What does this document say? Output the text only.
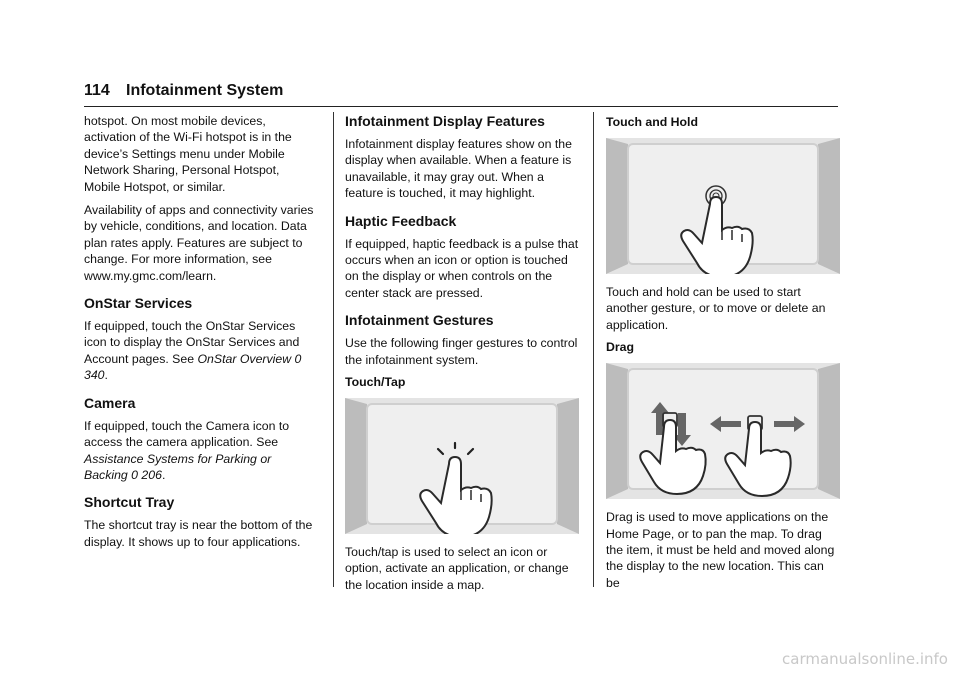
114 Infotainment System

hotspot. On most mobile devices, activation of the Wi-Fi hotspot is in the device’s Settings menu under Mobile Network Sharing, Personal Hotspot, Mobile Hotspot, or similar.

Availability of apps and connectivity varies by vehicle, conditions, and location. Data plan rates apply. Features are subject to change. For more information, see www.my.gmc.com/learn.

OnStar Services

If equipped, touch the OnStar Services icon to display the OnStar Services and Account pages. See OnStar Overview 0 340.

Camera

If equipped, touch the Camera icon to access the camera application. See Assistance Systems for Parking or Backing 0 206.

Shortcut Tray

The shortcut tray is near the bottom of the display. It shows up to four applications.

Infotainment Display Features

Infotainment display features show on the display when available. When a feature is unavailable, it may gray out. When a feature is touched, it may highlight.

Haptic Feedback

If equipped, haptic feedback is a pulse that occurs when an icon or option is touched on the display or when controls on the center stack are pressed.

Infotainment Gestures

Use the following finger gestures to control the infotainment system.

Touch/Tap

Touch/tap is used to select an icon or option, activate an application, or change the location inside a map.

Touch and Hold

Touch and hold can be used to start another gesture, or to move or delete an application.

Drag

Drag is used to move applications on the Home Page, or to pan the map. To drag the item, it must be held and moved along the display to the new location. This can be

carmanualsonline.info
